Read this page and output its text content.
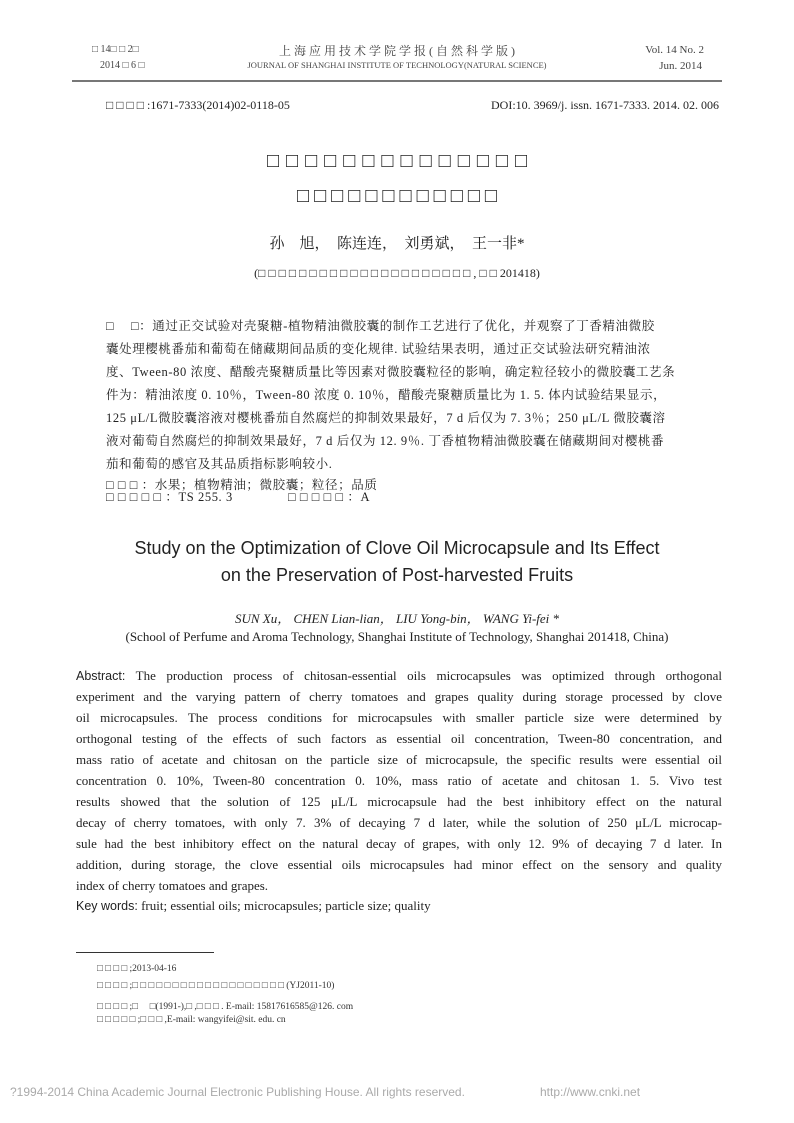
□ 14□ □ 2□
2014 □ 6 □
上 海 应 用 技 术 学 院 学 报 ( 自 然 科 学 版 )
JOURNAL OF SHANGHAI INSTITUTE OF TECHNOLOGY(NATURAL SCIENCE)
Vol. 14 No. 2
Jun. 2014
□ □ □ □ :1671-7333(2014)02-0118-05	DOI:10. 3969/j. issn. 1671-7333. 2014. 02. 006
□ □ □ □ □ □ □ □ □ □ □ □ □ □
□ □ □ □ □ □ □ □ □ □ □ □
孙　旭，　陈连连，　刘勇斌，　王一非*
(□ □ □ □ □ □ □ □ □ □ □ □ □ □ □ □ □ □ □ □ □ , □ □ 201418)
□　 □：通过正交试验对壳聚糖-植物精油微胶囊的制作工艺进行了优化，并观察了丁香精油微胶
囊处理樱桃番茄和葡萄在储藏期间品质的变化规律. 试验结果表明，通过正交试验法研究精油浓
度、Tween-80 浓度、醋酸壳聚糖质量比等因素对微胶囊粒径的影响，确定粒径较小的微胶囊工艺条
件为：精油浓度 0. 10％，Tween-80 浓度 0. 10％，醋酸壳聚糖质量比为 1. 5. 体内试验结果显示，
125 μL/L微胶囊溶液对樱桃番茄自然腐烂的抑制效果最好，7 d 后仅为 7. 3％；250 μL/L 微胶囊溶
液对葡萄自然腐烂的抑制效果最好，7 d 后仅为 12. 9％. 丁香植物精油微胶囊在储藏期间对樱桃番
茄和葡萄的感官及其品质指标影响较小.
□ □ □ ：水果；植物精油；微胶囊；粒径；品质
□ □ □ □ □ ：TS 255. 3	□ □ □ □ □ ：A
Study on the Optimization of Clove Oil Microcapsule and Its Effect
on the Preservation of Post-harvested Fruits
SUN Xu， CHEN Lian-lian， LIU Yong-bin， WANG Yi-fei *
(School of Perfume and Aroma Technology, Shanghai Institute of Technology, Shanghai 201418, China)
Abstract: The production process of chitosan-essential oils microcapsules was optimized through orthogonal
experiment and the varying pattern of cherry tomatoes and grapes quality during storage processed by clove
oil microcapsules. The process conditions for microcapsules with smaller particle size were determined by
orthogonal testing of the effects of such factors as essential oil concentration, Tween-80 concentration, and
mass ratio of acetate and chitosan on the particle size of microcapsule, the specific results were essential oil
concentration 0. 10%, Tween-80 concentration 0. 10%, mass ratio of acetate and chitosan 1. 5. Vivo test
results showed that the solution of 125 μL/L microcapsule had the best inhibitory effect on the natural
decay of cherry tomatoes, with only 7. 3% of decaying 7 d later, while the solution of 250 μL/L microcap-
sule had the best inhibitory effect on the natural decay of grapes, with only 12. 9% of decaying 7 d later. In
addition, during storage, the clove essential oils microcapsules had minor effect on the sensory and quality
index of cherry tomatoes and grapes.
Key words: fruit; essential oils; microcapsules; particle size; quality
□ □ □ □ ;2013-04-16
□ □ □ □ ;□ □ □ □ □ □ □ □ □ □ □ □ □ □ □ □ □ □ □ (YJ2011-10)
□ □ □ □ ;□　 □(1991-),□ ,□ □ □ . E-mail: 15817616585@126. com
□ □ □ □ □ ;□ □ □ ,E-mail: wangyifei@sit. edu. cn
?1994-2014 China Academic Journal Electronic Publishing House. All rights reserved.	http://www.cnki.net
